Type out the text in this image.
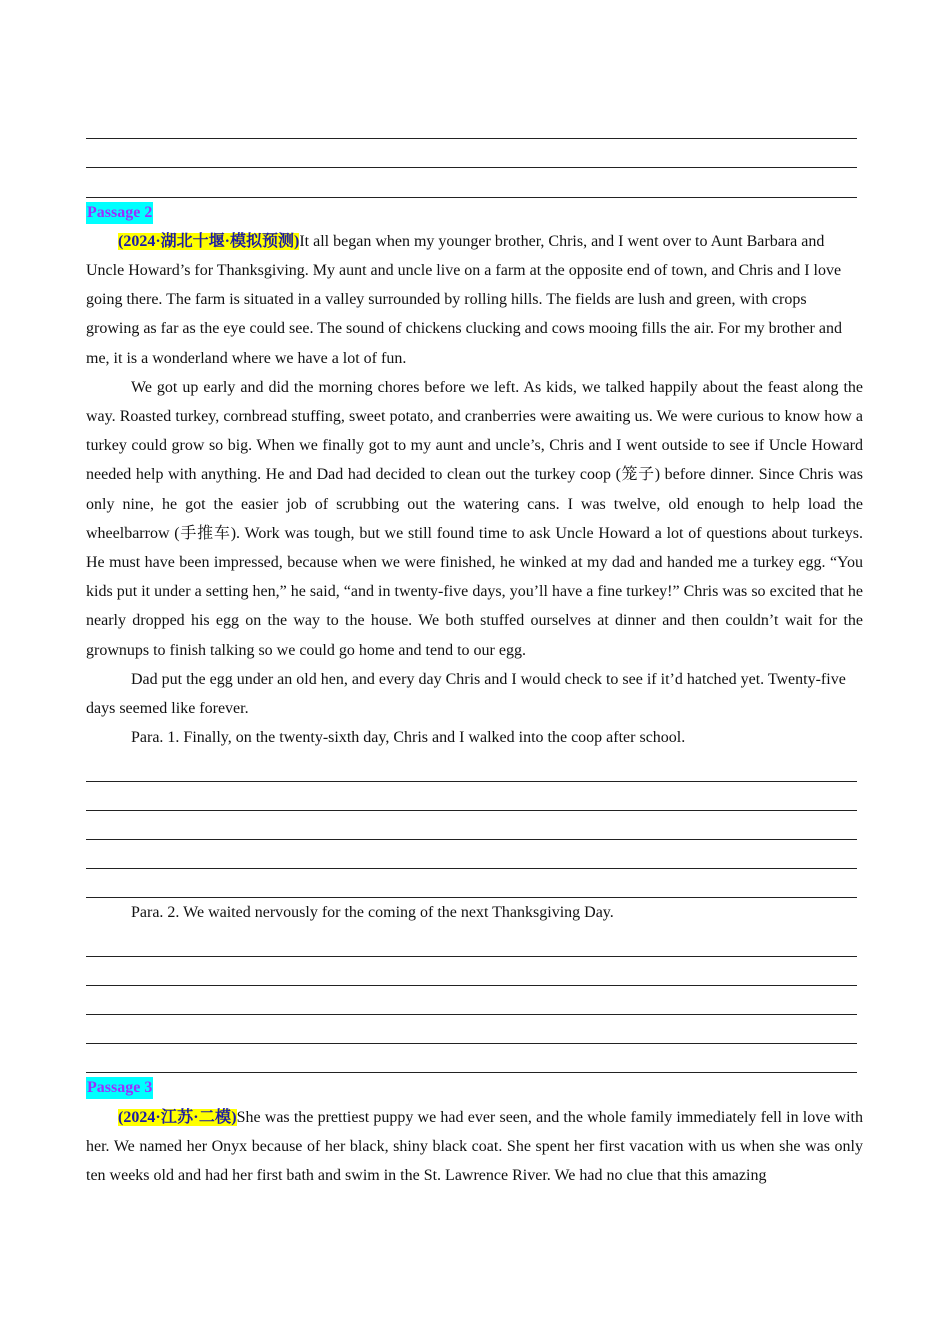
Passage 2

(2024·湖北十堰·模拟预测)It all began when my younger brother, Chris, and I went over to Aunt Barbara and Uncle Howard’s for Thanksgiving. My aunt and uncle live on a farm at the opposite end of town, and Chris and I love going there. The farm is situated in a valley surrounded by rolling hills. The fields are lush and green, with crops growing as far as the eye could see. The sound of chickens clucking and cows mooing fills the air. For my brother and me, it is a wonderland where we have a lot of fun.

We got up early and did the morning chores before we left. As kids, we talked happily about the feast along the way. Roasted turkey, cornbread stuffing, sweet potato, and cranberries were awaiting us. We were curious to know how a turkey could grow so big. When we finally got to my aunt and uncle’s, Chris and I went outside to see if Uncle Howard needed help with anything. He and Dad had decided to clean out the turkey coop (笼子) before dinner. Since Chris was only nine, he got the easier job of scrubbing out the watering cans. I was twelve, old enough to help load the wheelbarrow (手推车). Work was tough, but we still found time to ask Uncle Howard a lot of questions about turkeys. He must have been impressed, because when we were finished, he winked at my dad and handed me a turkey egg. “You kids put it under a setting hen,” he said, “and in twenty-five days, you’ll have a fine turkey!” Chris was so excited that he nearly dropped his egg on the way to the house. We both stuffed ourselves at dinner and then couldn’t wait for the grownups to finish talking so we could go home and tend to our egg.

Dad put the egg under an old hen, and every day Chris and I would check to see if it’d hatched yet. Twenty-five days seemed like forever.

Para. 1. Finally, on the twenty-sixth day, Chris and I walked into the coop after school.

Para. 2. We waited nervously for the coming of the next Thanksgiving Day.

Passage 3

(2024·江苏·二模)She was the prettiest puppy we had ever seen, and the whole family immediately fell in love with her. We named her Onyx because of her black, shiny black coat. She spent her first vacation with us when she was only ten weeks old and had her first bath and swim in the St. Lawrence River. We had no clue that this amazing
